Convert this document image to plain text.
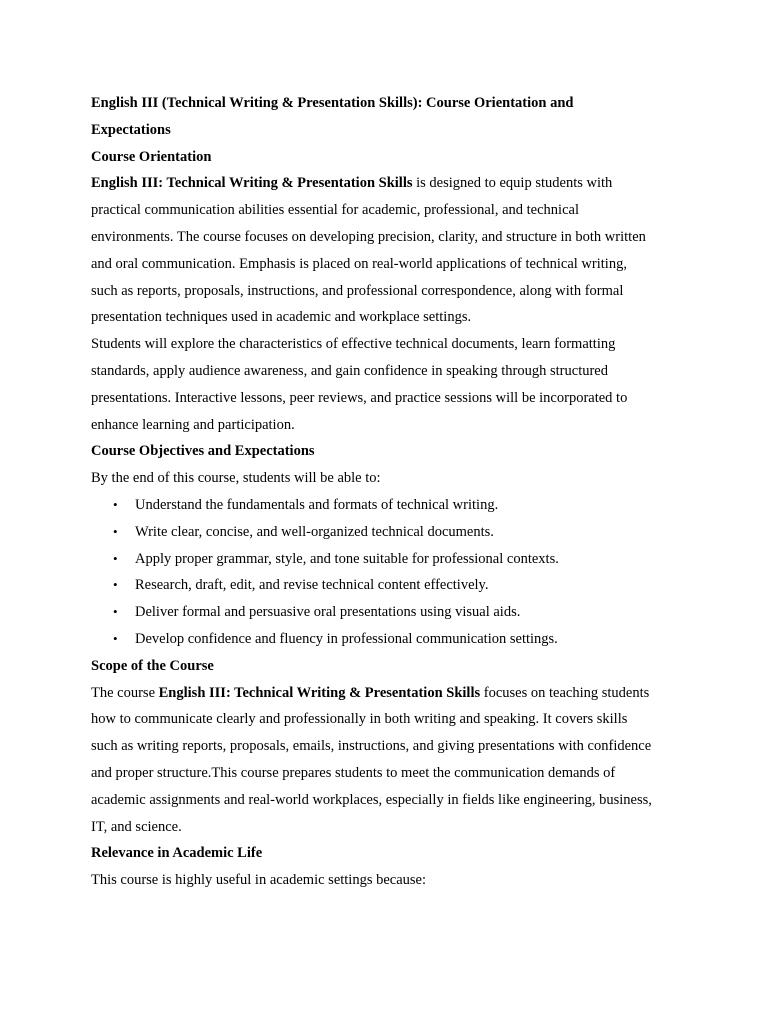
English III (Technical Writing & Presentation Skills): Course Orientation and
Expectations
Course Orientation
English III: Technical Writing & Presentation Skills is designed to equip students with
practical communication abilities essential for academic, professional, and technical
environments. The course focuses on developing precision, clarity, and structure in both written
and oral communication. Emphasis is placed on real-world applications of technical writing,
such as reports, proposals, instructions, and professional correspondence, along with formal
presentation techniques used in academic and workplace settings.
Students will explore the characteristics of effective technical documents, learn formatting
standards, apply audience awareness, and gain confidence in speaking through structured
presentations. Interactive lessons, peer reviews, and practice sessions will be incorporated to
enhance learning and participation.
Course Objectives and Expectations
By the end of this course, students will be able to:
• Understand the fundamentals and formats of technical writing.
• Write clear, concise, and well-organized technical documents.
• Apply proper grammar, style, and tone suitable for professional contexts.
• Research, draft, edit, and revise technical content effectively.
• Deliver formal and persuasive oral presentations using visual aids.
• Develop confidence and fluency in professional communication settings.
Scope of the Course
The course English III: Technical Writing & Presentation Skills focuses on teaching students
how to communicate clearly and professionally in both writing and speaking. It covers skills
such as writing reports, proposals, emails, instructions, and giving presentations with confidence
and proper structure.This course prepares students to meet the communication demands of
academic assignments and real-world workplaces, especially in fields like engineering, business,
IT, and science.
Relevance in Academic Life
This course is highly useful in academic settings because:
